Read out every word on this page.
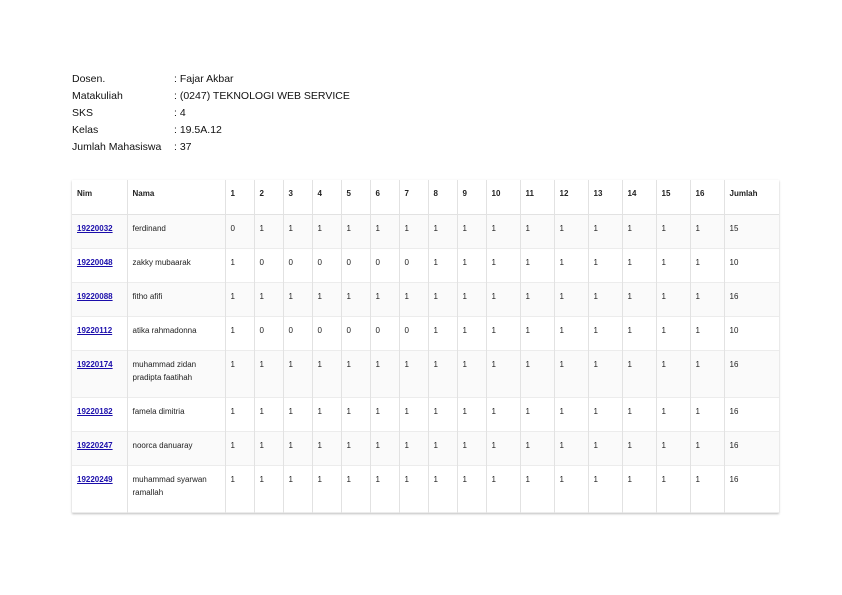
Dosen.	: Fajar Akbar
Matakuliah	: (0247) TEKNOLOGI WEB SERVICE
SKS	: 4
Kelas	: 19.5A.12
Jumlah Mahasiswa	: 37
Nim	Nama	1	2	3	4	5	6	7	8	9	10	11	12	13	14	15	16	Jumlah
19220032	ferdinand	0	1	1	1	1	1	1	1	1	1	1	1	1	1	1	1	15
19220048	zakky mubaarak	1	0	0	0	0	0	0	1	1	1	1	1	1	1	1	1	10
19220088	fitho afifi	1	1	1	1	1	1	1	1	1	1	1	1	1	1	1	1	16
19220112	atika rahmadonna	1	0	0	0	0	0	0	1	1	1	1	1	1	1	1	1	10
19220174	muhammad zidan pradipta faatihah	1	1	1	1	1	1	1	1	1	1	1	1	1	1	1	1	16
19220182	famela dimitria	1	1	1	1	1	1	1	1	1	1	1	1	1	1	1	1	16
19220247	noorca danuaray	1	1	1	1	1	1	1	1	1	1	1	1	1	1	1	1	16
19220249	muhammad syarwan ramallah	1	1	1	1	1	1	1	1	1	1	1	1	1	1	1	1	16
